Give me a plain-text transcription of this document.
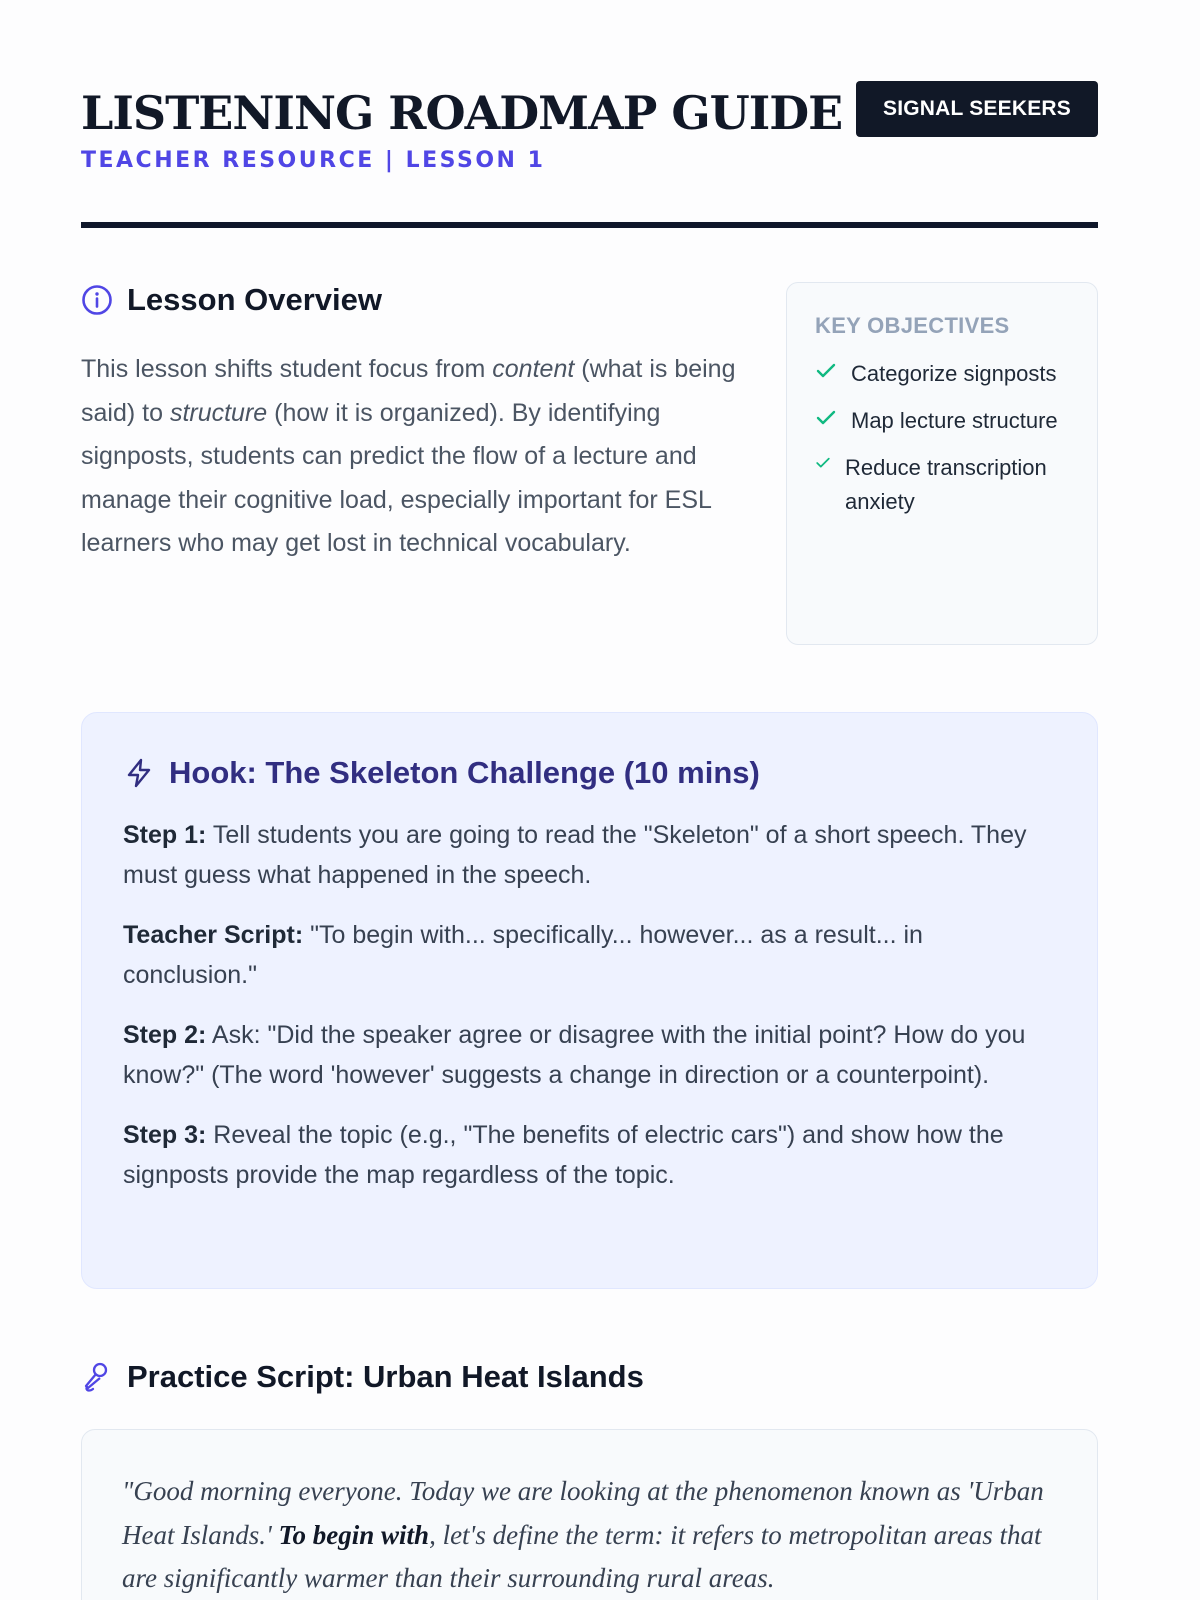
LISTENING ROADMAP GUIDE
TEACHER RESOURCE | LESSON 1
SIGNAL SEEKERS
Lesson Overview

This lesson shifts student focus from content (what is being said) to structure (how it is organized). By identifying signposts, students can predict the flow of a lecture and manage their cognitive load, especially important for ESL learners who may get lost in technical vocabulary.

KEY OBJECTIVES
Categorize signposts
Map lecture structure
Reduce transcription anxiety
Hook: The Skeleton Challenge (10 mins)

Step 1: Tell students you are going to read the "Skeleton" of a short speech. They must guess what happened in the speech.

Teacher Script: "To begin with... specifically... however... as a result... in conclusion."

Step 2: Ask: "Did the speaker agree or disagree with the initial point? How do you know?" (The word 'however' suggests a change in direction or a counterpoint).

Step 3: Reveal the topic (e.g., "The benefits of electric cars") and show how the signposts provide the map regardless of the topic.

Practice Script: Urban Heat Islands

"Good morning everyone. Today we are looking at the phenomenon known as 'Urban Heat Islands.' To begin with, let's define the term: it refers to metropolitan areas that are significantly warmer than their surrounding rural areas.
